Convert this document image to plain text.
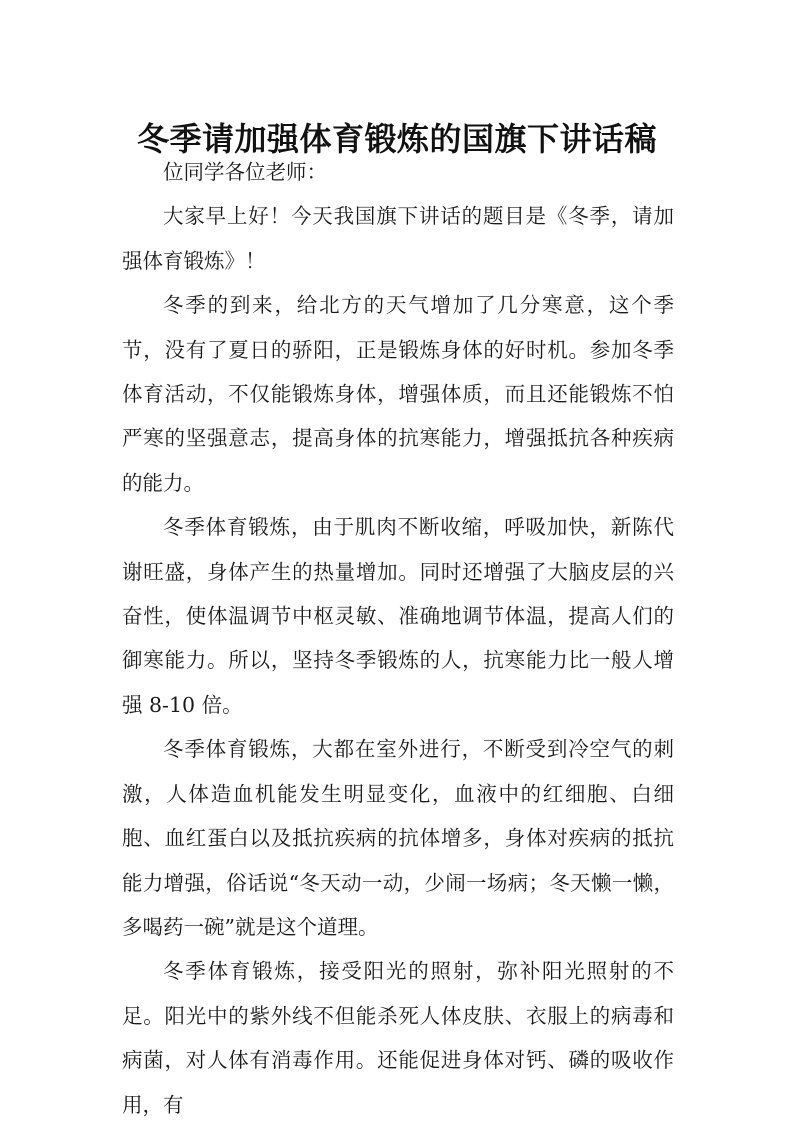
冬季请加强体育锻炼的国旗下讲话稿

位同学各位老师：

大家早上好！今天我国旗下讲话的题目是《冬季，请加强体育锻炼》！

冬季的到来，给北方的天气增加了几分寒意，这个季节，没有了夏日的骄阳，正是锻炼身体的好时机。参加冬季体育活动，不仅能锻炼身体，增强体质，而且还能锻炼不怕严寒的坚强意志，提高身体的抗寒能力，增强抵抗各种疾病的能力。

冬季体育锻炼，由于肌肉不断收缩，呼吸加快，新陈代谢旺盛，身体产生的热量增加。同时还增强了大脑皮层的兴奋性，使体温调节中枢灵敏、准确地调节体温，提高人们的御寒能力。所以，坚持冬季锻炼的人，抗寒能力比一般人增强 8-10 倍。

冬季体育锻炼，大都在室外进行，不断受到冷空气的刺激，人体造血机能发生明显变化，血液中的红细胞、白细胞、血红蛋白以及抵抗疾病的抗体增多，身体对疾病的抵抗能力增强，俗话说“冬天动一动，少闹一场病；冬天懒一懒，多喝药一碗”就是这个道理。

冬季体育锻炼，接受阳光的照射，弥补阳光照射的不足。阳光中的紫外线不但能杀死人体皮肤、衣服上的病毒和病菌，对人体有消毒作用。还能促进身体对钙、磷的吸收作用，有
